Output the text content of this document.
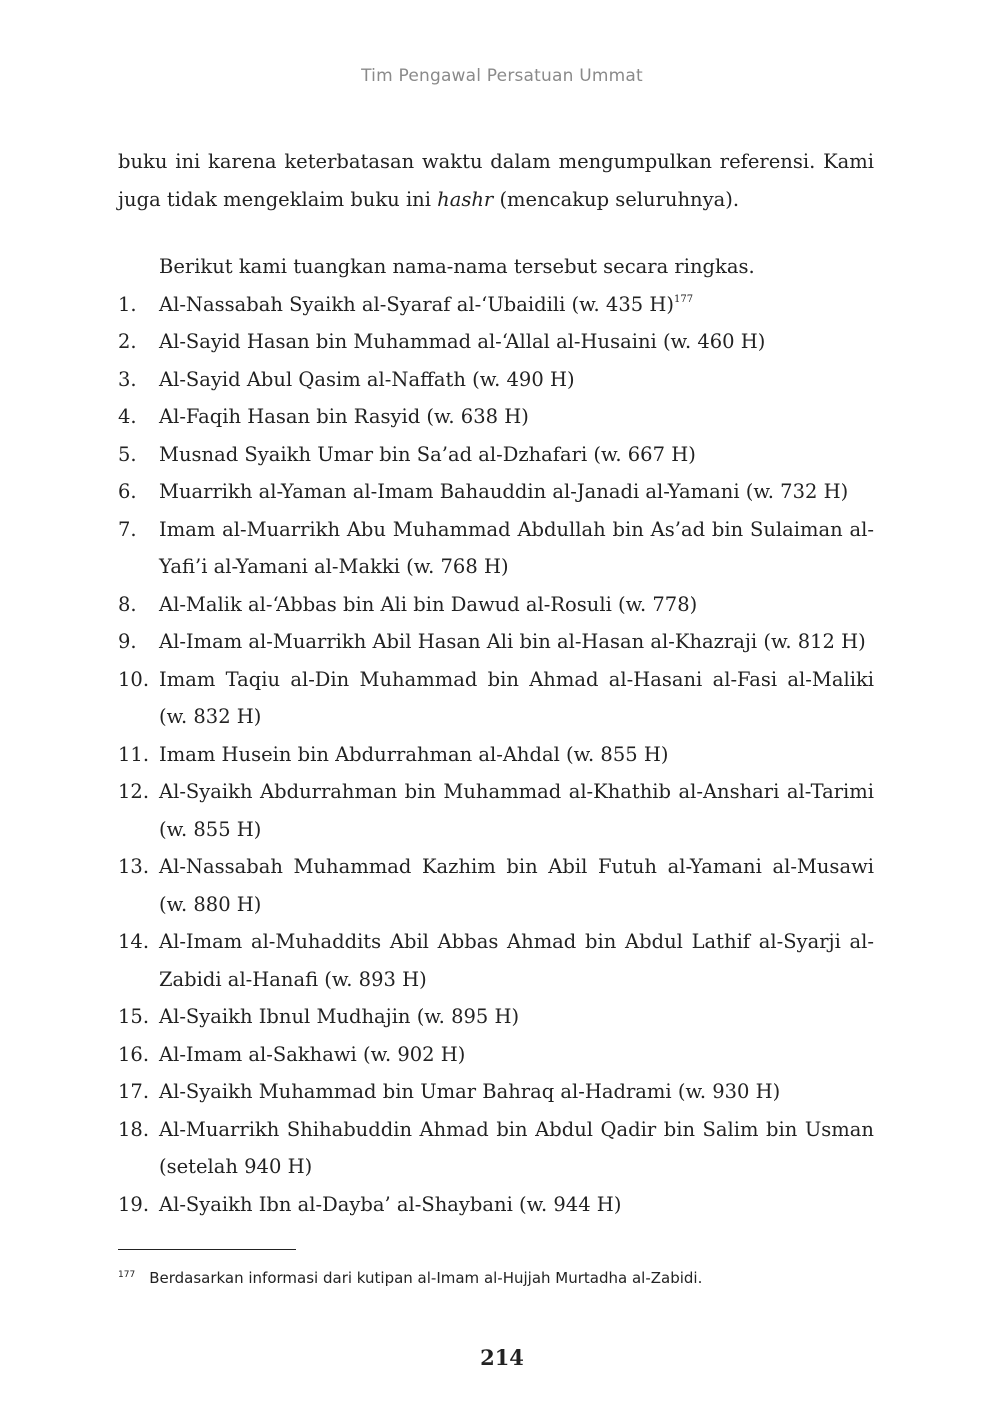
Tim Pengawal Persatuan Ummat

buku ini karena keterbatasan waktu dalam mengumpulkan referensi. Kami juga tidak mengeklaim buku ini hashr (mencakup seluruhnya).

Berikut kami tuangkan nama-nama tersebut secara ringkas.

1.	Al-Nassabah Syaikh al-Syaraf al-‘Ubaidili (w. 435 H)$^{177}$
2.	Al-Sayid Hasan bin Muhammad al-‘Allal al-Husaini (w. 460 H)
3.	Al-Sayid Abul Qasim al-Naffath (w. 490 H)
4.	Al-Faqih Hasan bin Rasyid (w. 638 H)
5.	Musnad Syaikh Umar bin Sa’ad al-Dzhafari (w. 667 H)
6.	Muarrikh al-Yaman al-Imam Bahauddin al-Janadi al-Yamani (w. 732 H)
7.	Imam al-Muarrikh Abu Muhammad Abdullah bin As’ad bin Sulaiman al-Yafi’i al-Yamani al-Makki (w. 768 H)
8.	Al-Malik al-‘Abbas bin Ali bin Dawud al-Rosuli (w. 778)
9.	Al-Imam al-Muarrikh Abil Hasan Ali bin al-Hasan al-Khazraji (w. 812 H)
10. Imam Taqiu al-Din Muhammad bin Ahmad al-Hasani al-Fasi al-Maliki (w. 832 H)
11. Imam Husein bin Abdurrahman al-Ahdal (w. 855 H)
12. Al-Syaikh Abdurrahman bin Muhammad al-Khathib al-Anshari al-Tarimi (w. 855 H)
13. Al-Nassabah Muhammad Kazhim bin Abil Futuh al-Yamani al-Musawi (w. 880 H)
14. Al-Imam al-Muhaddits Abil Abbas Ahmad bin Abdul Lathif al-Syarji al-Zabidi al-Hanafi (w. 893 H)
15. Al-Syaikh Ibnul Mudhajin (w. 895 H)
16. Al-Imam al-Sakhawi (w. 902 H)
17. Al-Syaikh Muhammad bin Umar Bahraq al-Hadrami (w. 930 H)
18. Al-Muarrikh Shihabuddin Ahmad bin Abdul Qadir bin Salim bin Usman (setelah 940 H)
19. Al-Syaikh Ibn al-Dayba’ al-Shaybani (w. 944 H)
$^{177}$ Berdasarkan informasi dari kutipan al-Imam al-Hujjah Murtadha al-Zabidi.
214
